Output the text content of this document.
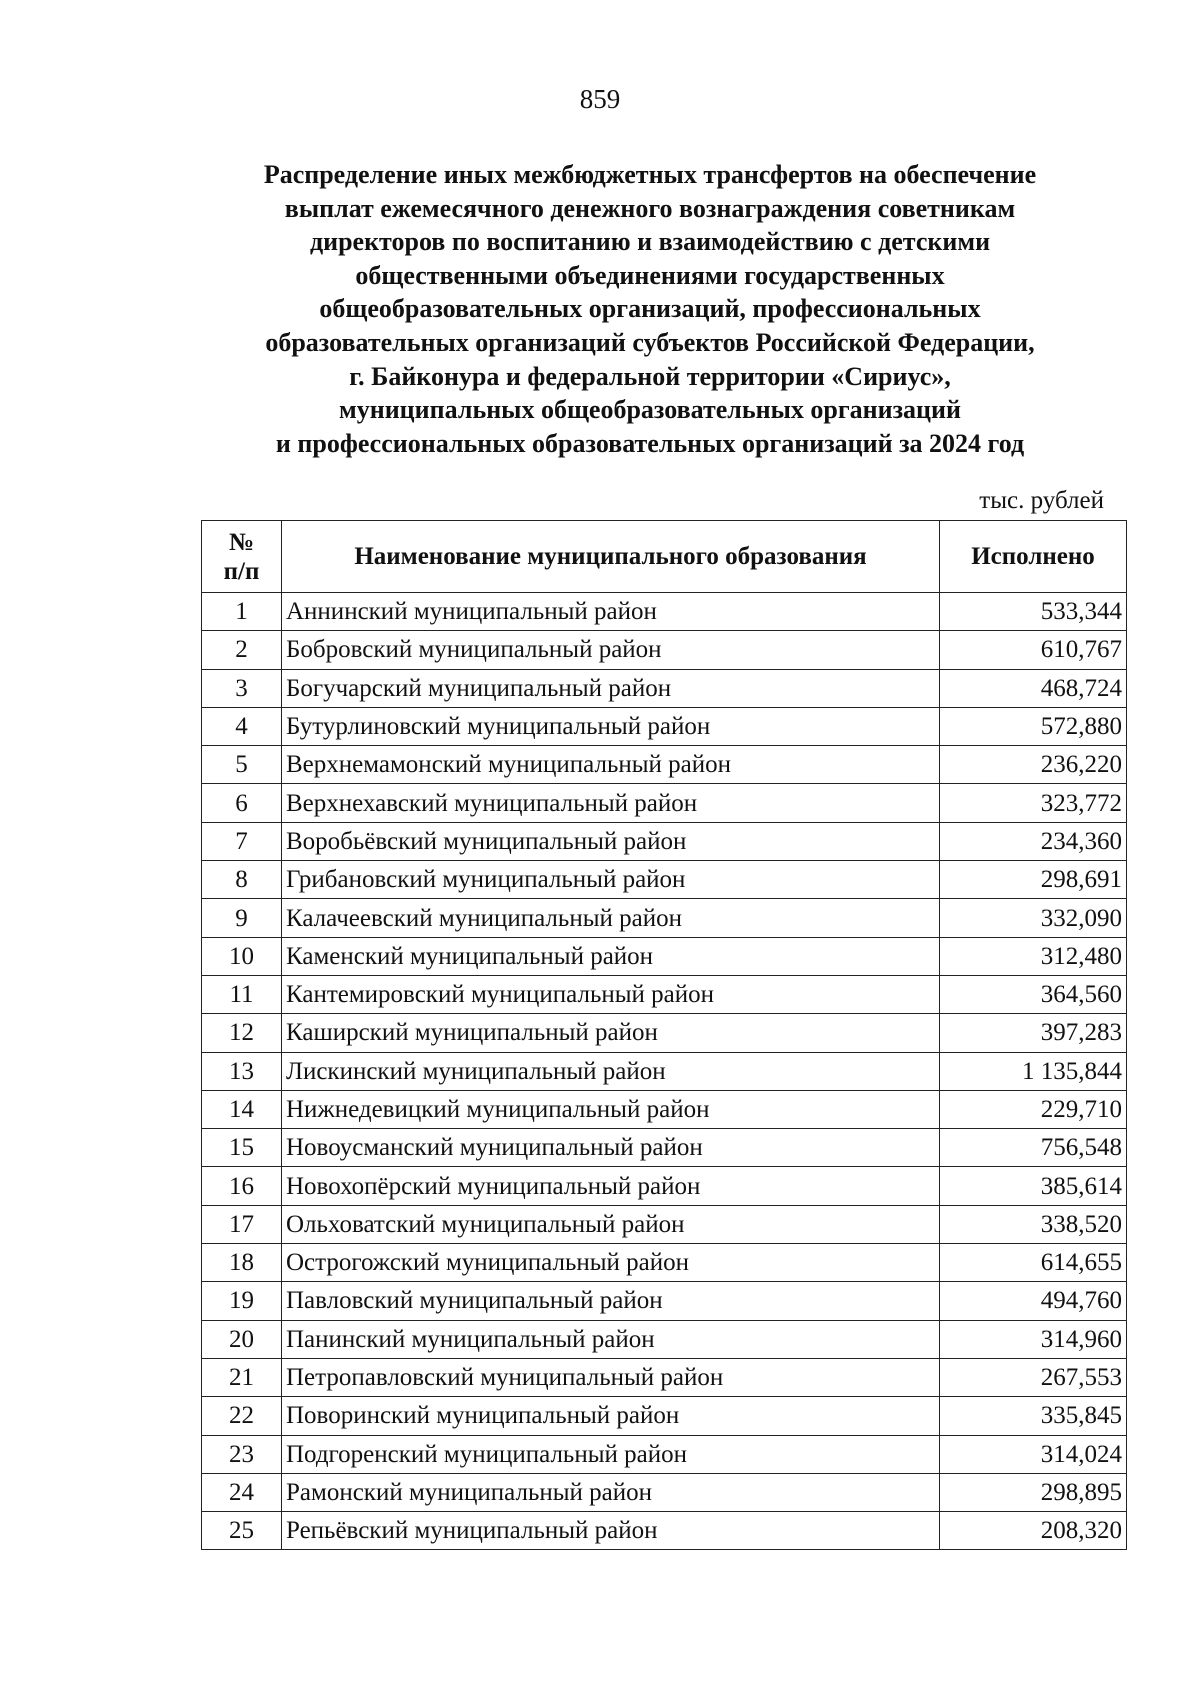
859
Распределение иных межбюджетных трансфертов на обеспечение
выплат ежемесячного денежного вознаграждения советникам
директоров по воспитанию и взаимодействию с детскими
общественными объединениями государственных
общеобразовательных организаций, профессиональных
образовательных организаций субъектов Российской Федерации,
г. Байконура и федеральной территории «Сириус»,
муниципальных общеобразовательных организаций
и профессиональных образовательных организаций за 2024 год
тыс. рублей
№
п/п	Наименование муниципального образования	Исполнено
1	Аннинский муниципальный район	533,344
2	Бобровский муниципальный район	610,767
3	Богучарский муниципальный район	468,724
4	Бутурлиновский муниципальный район	572,880
5	Верхнемамонский муниципальный район	236,220
6	Верхнехавский муниципальный район	323,772
7	Воробьёвский муниципальный район	234,360
8	Грибановский муниципальный район	298,691
9	Калачеевский муниципальный район	332,090
10	Каменский муниципальный район	312,480
11	Кантемировский муниципальный район	364,560
12	Каширский муниципальный район	397,283
13	Лискинский муниципальный район	1 135,844
14	Нижнедевицкий муниципальный район	229,710
15	Новоусманский муниципальный район	756,548
16	Новохопёрский муниципальный район	385,614
17	Ольховатский муниципальный район	338,520
18	Острогожский муниципальный район	614,655
19	Павловский муниципальный район	494,760
20	Панинский муниципальный район	314,960
21	Петропавловский муниципальный район	267,553
22	Поворинский муниципальный район	335,845
23	Подгоренский муниципальный район	314,024
24	Рамонский муниципальный район	298,895
25	Репьёвский муниципальный район	208,320
